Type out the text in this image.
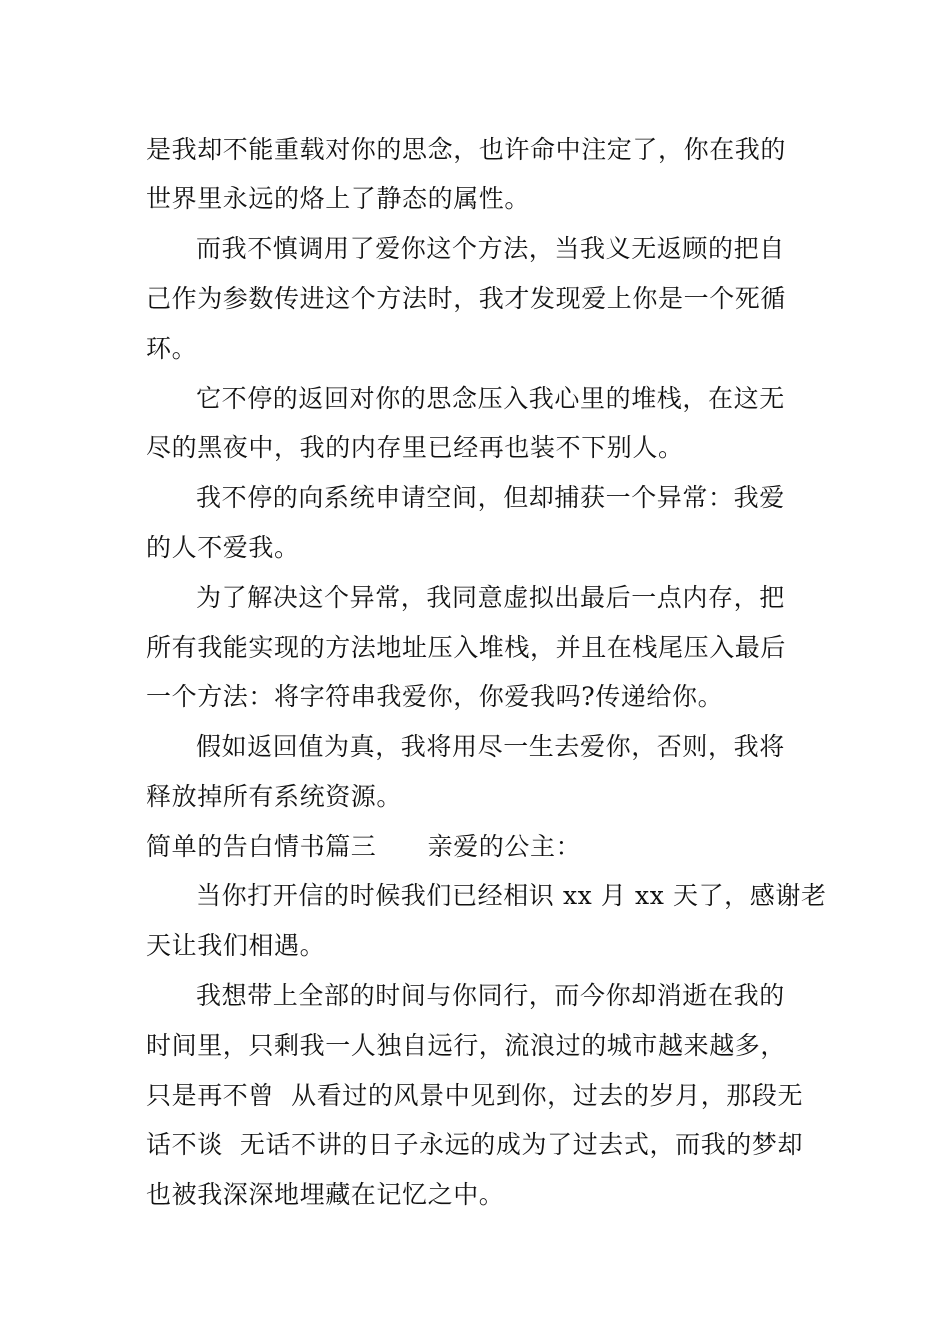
是我却不能重载对你的思念，也许命中注定了，你在我的
世界里永远的烙上了静态的属性。
而我不慎调用了爱你这个方法，当我义无返顾的把自
己作为参数传进这个方法时，我才发现爱上你是一个死循
环。
它不停的返回对你的思念压入我心里的堆栈，在这无
尽的黑夜中，我的内存里已经再也装不下别人。
我不停的向系统申请空间，但却捕获一个异常：我爱
的人不爱我。
为了解决这个异常，我同意虚拟出最后一点内存，把
所有我能实现的方法地址压入堆栈，并且在栈尾压入最后
一个方法：将字符串我爱你，你爱我吗?传递给你。
假如返回值为真，我将用尽一生去爱你，否则，我将
释放掉所有系统资源。
简单的告白情书篇三　　亲爱的公主：
当你打开信的时候我们已经相识 xx 月 xx 天了，感谢老
天让我们相遇。
我想带上全部的时间与你同行，而今你却消逝在我的
时间里，只剩我一人独自远行，流浪过的城市越来越多，
只是再不曾  从看过的风景中见到你，过去的岁月，那段无
话不谈  无话不讲的日子永远的成为了过去式，而我的梦却
也被我深深地埋藏在记忆之中。
